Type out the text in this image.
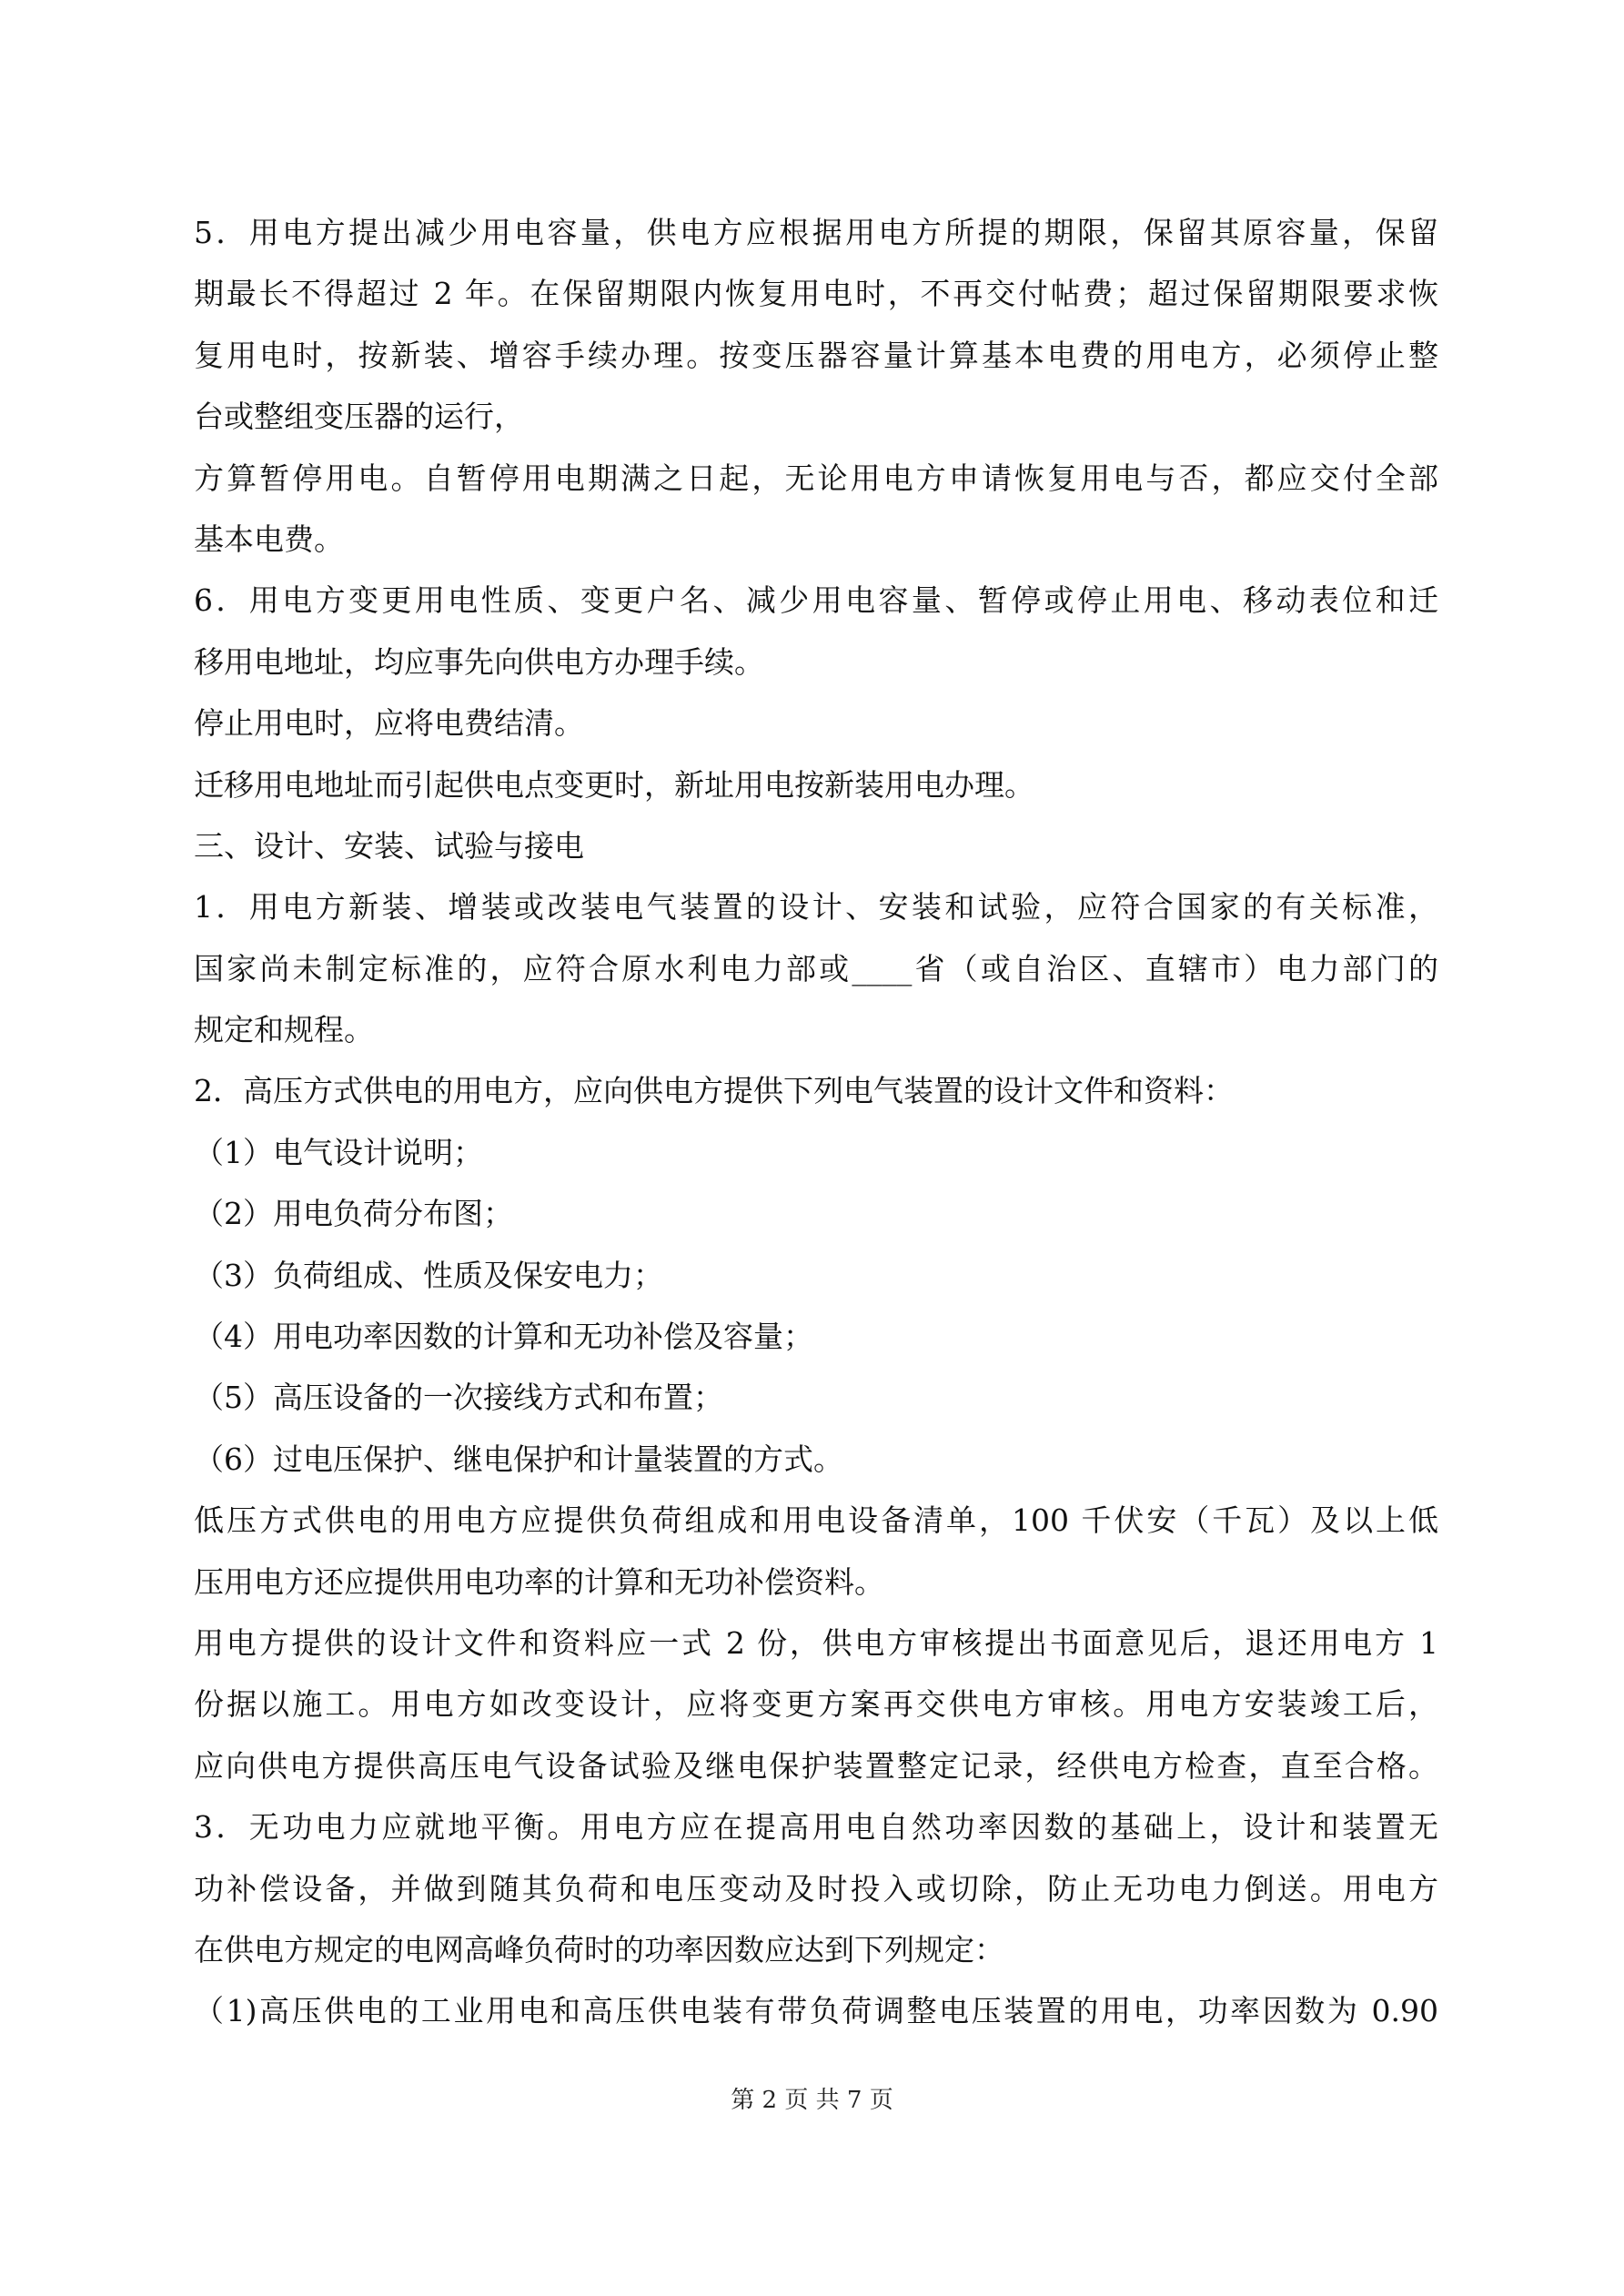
5．用电方提出减少用电容量，供电方应根据用电方所提的期限，保留其原容量，保留
期最长不得超过 2 年。在保留期限内恢复用电时，不再交付帖费；超过保留期限要求恢
复用电时，按新装、增容手续办理。按变压器容量计算基本电费的用电方，必须停止整
台或整组变压器的运行，
方算暂停用电。自暂停用电期满之日起，无论用电方申请恢复用电与否，都应交付全部
基本电费。
6．用电方变更用电性质、变更户名、减少用电容量、暂停或停止用电、移动表位和迁
移用电地址，均应事先向供电方办理手续。
停止用电时，应将电费结清。
迁移用电地址而引起供电点变更时，新址用电按新装用电办理。
三、设计、安装、试验与接电
1．用电方新装、增装或改装电气装置的设计、安装和试验，应符合国家的有关标准，
国家尚未制定标准的，应符合原水利电力部或____省（或自治区、直辖市）电力部门的
规定和规程。
2．高压方式供电的用电方，应向供电方提供下列电气装置的设计文件和资料：
（1）电气设计说明；
（2）用电负荷分布图；
（3）负荷组成、性质及保安电力；
（4）用电功率因数的计算和无功补偿及容量；
（5）高压设备的一次接线方式和布置；
（6）过电压保护、继电保护和计量装置的方式。
低压方式供电的用电方应提供负荷组成和用电设备清单，100 千伏安（千瓦）及以上低
压用电方还应提供用电功率的计算和无功补偿资料。
用电方提供的设计文件和资料应一式 2 份，供电方审核提出书面意见后，退还用电方 1
份据以施工。用电方如改变设计，应将变更方案再交供电方审核。用电方安装竣工后，
应向供电方提供高压电气设备试验及继电保护装置整定记录，经供电方检查，直至合格。
3．无功电力应就地平衡。用电方应在提高用电自然功率因数的基础上，设计和装置无
功补偿设备，并做到随其负荷和电压变动及时投入或切除，防止无功电力倒送。用电方
在供电方规定的电网高峰负荷时的功率因数应达到下列规定：
（1)高压供电的工业用电和高压供电装有带负荷调整电压装置的用电，功率因数为 0.90
第 2 页 共 7 页
